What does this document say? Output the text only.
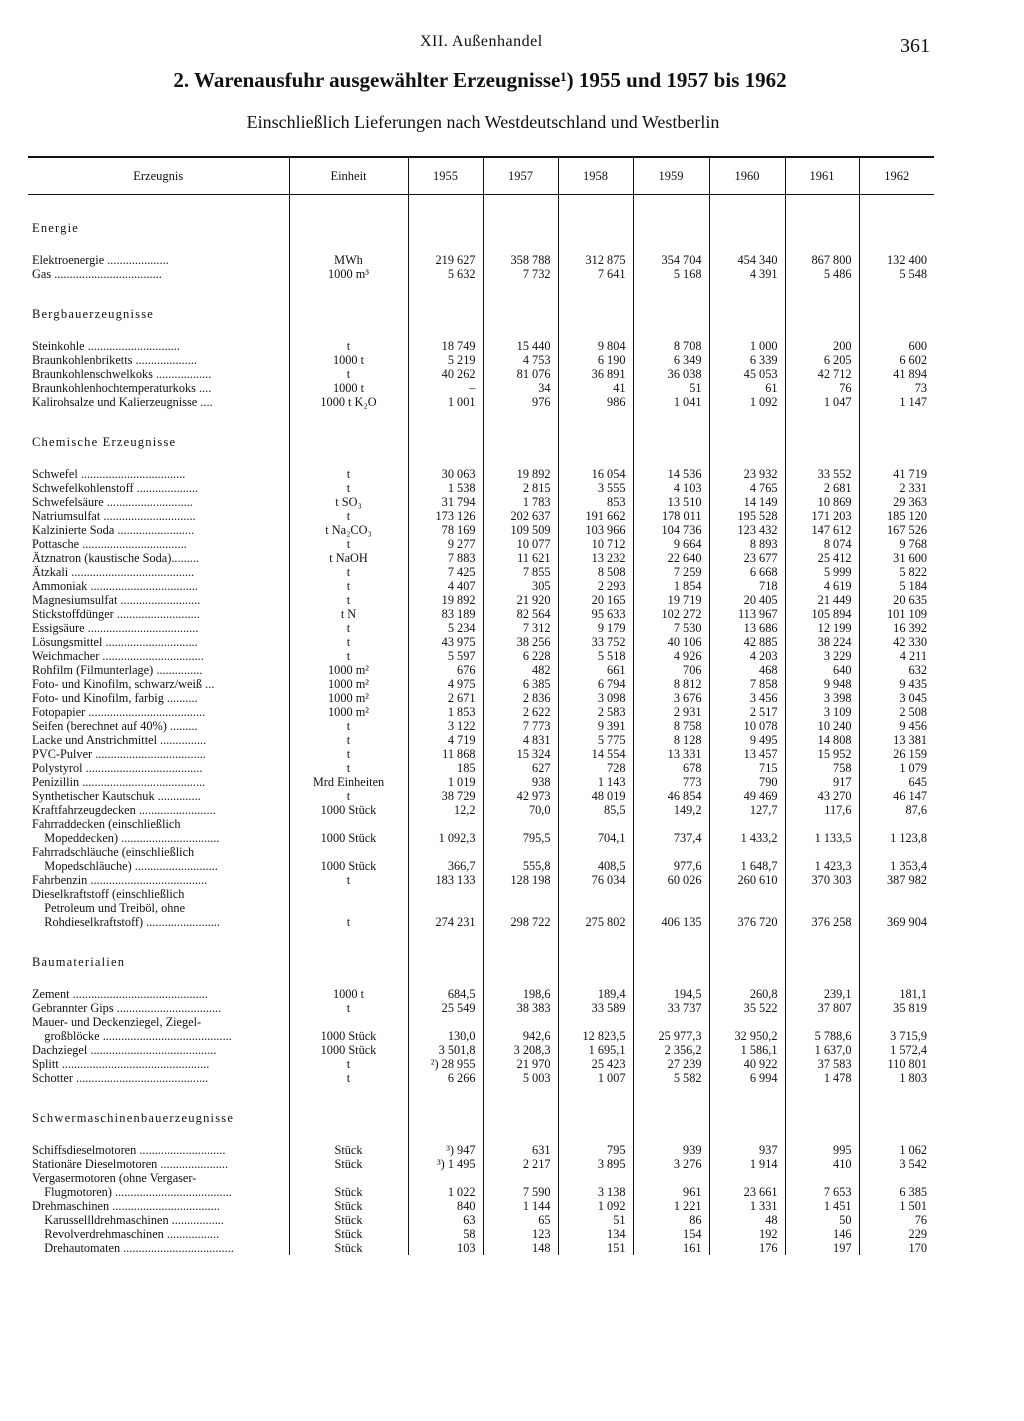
XII. Außenhandel	361
2. Warenausfuhr ausgewählter Erzeugnisse¹) 1955 und 1957 bis 1962
Einschließlich Lieferungen nach Westdeutschland und Westberlin
Erzeugnis	Einheit	1955	1957	1958	1959	1960	1961	1962

Energie								

Elektroenergie ....................	MWh	219 627	358 788	312 875	354 704	454 340	867 800	132 400
Gas ...................................	1000 m³	5 632	7 732	7 641	5 168	4 391	5 486	5 548

Bergbauerzeugnisse								

Steinkohle ..............................	t	18 749	15 440	9 804	8 708	1 000	200	600
Braunkohlenbriketts ....................	1000 t	5 219	4 753	6 190	6 349	6 339	6 205	6 602
Braunkohlenschwelkoks ..................	t	40 262	81 076	36 891	36 038	45 053	42 712	41 894
Braunkohlenhochtemperaturkoks ....	1000 t	–	34	41	51	61	76	73
Kalirohsalze und Kalierzeugnisse ....	1000 t K₂O	1 001	976	986	1 041	1 092	1 047	1 147

Chemische Erzeugnisse								

Schwefel ..................................	t	30 063	19 892	16 054	14 536	23 932	33 552	41 719
Schwefelkohlenstoff ....................	t	1 538	2 815	3 555	4 103	4 765	2 681	2 331
Schwefelsäure ............................	t SO₃	31 794	1 783	853	13 510	14 149	10 869	29 363
Natriumsulfat ..............................	t	173 126	202 637	191 662	178 011	195 528	171 203	185 120
Kalzinierte Soda .........................	t Na₂CO₃	78 169	109 509	103 966	104 736	123 432	147 612	167 526
Pottasche ..................................	t	9 277	10 077	10 712	9 664	8 893	8 074	9 768
Ätznatron (kaustische Soda).........	t NaOH	7 883	11 621	13 232	22 640	23 677	25 412	31 600
Ätzkali ........................................	t	7 425	7 855	8 508	7 259	6 668	5 999	5 822
Ammoniak ...................................	t	4 407	305	2 293	1 854	718	4 619	5 184
Magnesiumsulfat ..........................	t	19 892	21 920	20 165	19 719	20 405	21 449	20 635
Stickstoffdünger ...........................	t N	83 189	82 564	95 633	102 272	113 967	105 894	101 109
Essigsäure ....................................	t	5 234	7 312	9 179	7 530	13 686	12 199	16 392
Lösungsmittel ..............................	t	43 975	38 256	33 752	40 106	42 885	38 224	42 330
Weichmacher .................................	t	5 597	6 228	5 518	4 926	4 203	3 229	4 211
Rohfilm (Filmunterlage) ...............	1000 m²	676	482	661	706	468	640	632
Foto- und Kinofilm, schwarz/weiß ...	1000 m²	4 975	6 385	6 794	8 812	7 858	9 948	9 435
Foto- und Kinofilm, farbig ..........	1000 m²	2 671	2 836	3 098	3 676	3 456	3 398	3 045
Fotopapier ......................................	1000 m²	1 853	2 622	2 583	2 931	2 517	3 109	2 508
Seifen (berechnet auf 40%) .........	t	3 122	7 773	9 391	8 758	10 078	10 240	9 456
Lacke und Anstrichmittel ...............	t	4 719	4 831	5 775	8 128	9 495	14 808	13 381
PVC-Pulver ....................................	t	11 868	15 324	14 554	13 331	13 457	15 952	26 159
Polystyrol ......................................	t	185	627	728	678	715	758	1 079
Penizillin ........................................	Mrd Einheiten	1 019	938	1 143	773	790	917	645
Synthetischer Kautschuk ..............	t	38 729	42 973	48 019	46 854	49 469	43 270	46 147
Kraftfahrzeugdecken .........................	1000 Stück	12,2	70,0	85,5	149,2	127,7	117,6	87,6
Fahrraddecken (einschließlich								
Mopeddecken) ................................	1000 Stück	1 092,3	795,5	704,1	737,4	1 433,2	1 133,5	1 123,8
Fahrradschläuche (einschließlich								
Mopedschläuche) ...........................	1000 Stück	366,7	555,8	408,5	977,6	1 648,7	1 423,3	1 353,4
Fahrbenzin ......................................	t	183 133	128 198	76 034	60 026	260 610	370 303	387 982
Dieselkraftstoff (einschließlich								
Petroleum und Treiböl, ohne								
Rohdieselkraftstoff) ........................	t	274 231	298 722	275 802	406 135	376 720	376 258	369 904

Baumaterialien								

Zement ............................................	1000 t	684,5	198,6	189,4	194,5	260,8	239,1	181,1
Gebrannter Gips ..................................	t	25 549	38 383	33 589	33 737	35 522	37 807	35 819
Mauer- und Deckenziegel, Ziegel-								
großblöcke ..........................................	1000 Stück	130,0	942,6	12 823,5	25 977,3	32 950,2	5 788,6	3 715,9
Dachziegel .........................................	1000 Stück	3 501,8	3 208,3	1 695,1	2 356,2	1 586,1	1 637,0	1 572,4
Splitt ................................................	t	²) 28 955	21 970	25 423	27 239	40 922	37 583	110 801
Schotter ...........................................	t	6 266	5 003	1 007	5 582	6 994	1 478	1 803

Schwermaschinenbauerzeugnisse								

Schiffsdieselmotoren ............................	Stück	³) 947	631	795	939	937	995	1 062
Stationäre Dieselmotoren ......................	Stück	³) 1 495	2 217	3 895	3 276	1 914	410	3 542
Vergasermotoren (ohne Vergaser-								
Flugmotoren) ......................................	Stück	1 022	7 590	3 138	961	23 661	7 653	6 385
Drehmaschinen ...................................	Stück	840	1 144	1 092	1 221	1 331	1 451	1 501
Karussellldrehmaschinen .................	Stück	63	65	51	86	48	50	76
Revolverdrehmaschinen .................	Stück	58	123	134	154	192	146	229
Drehautomaten ....................................	Stück	103	148	151	161	176	197	170
